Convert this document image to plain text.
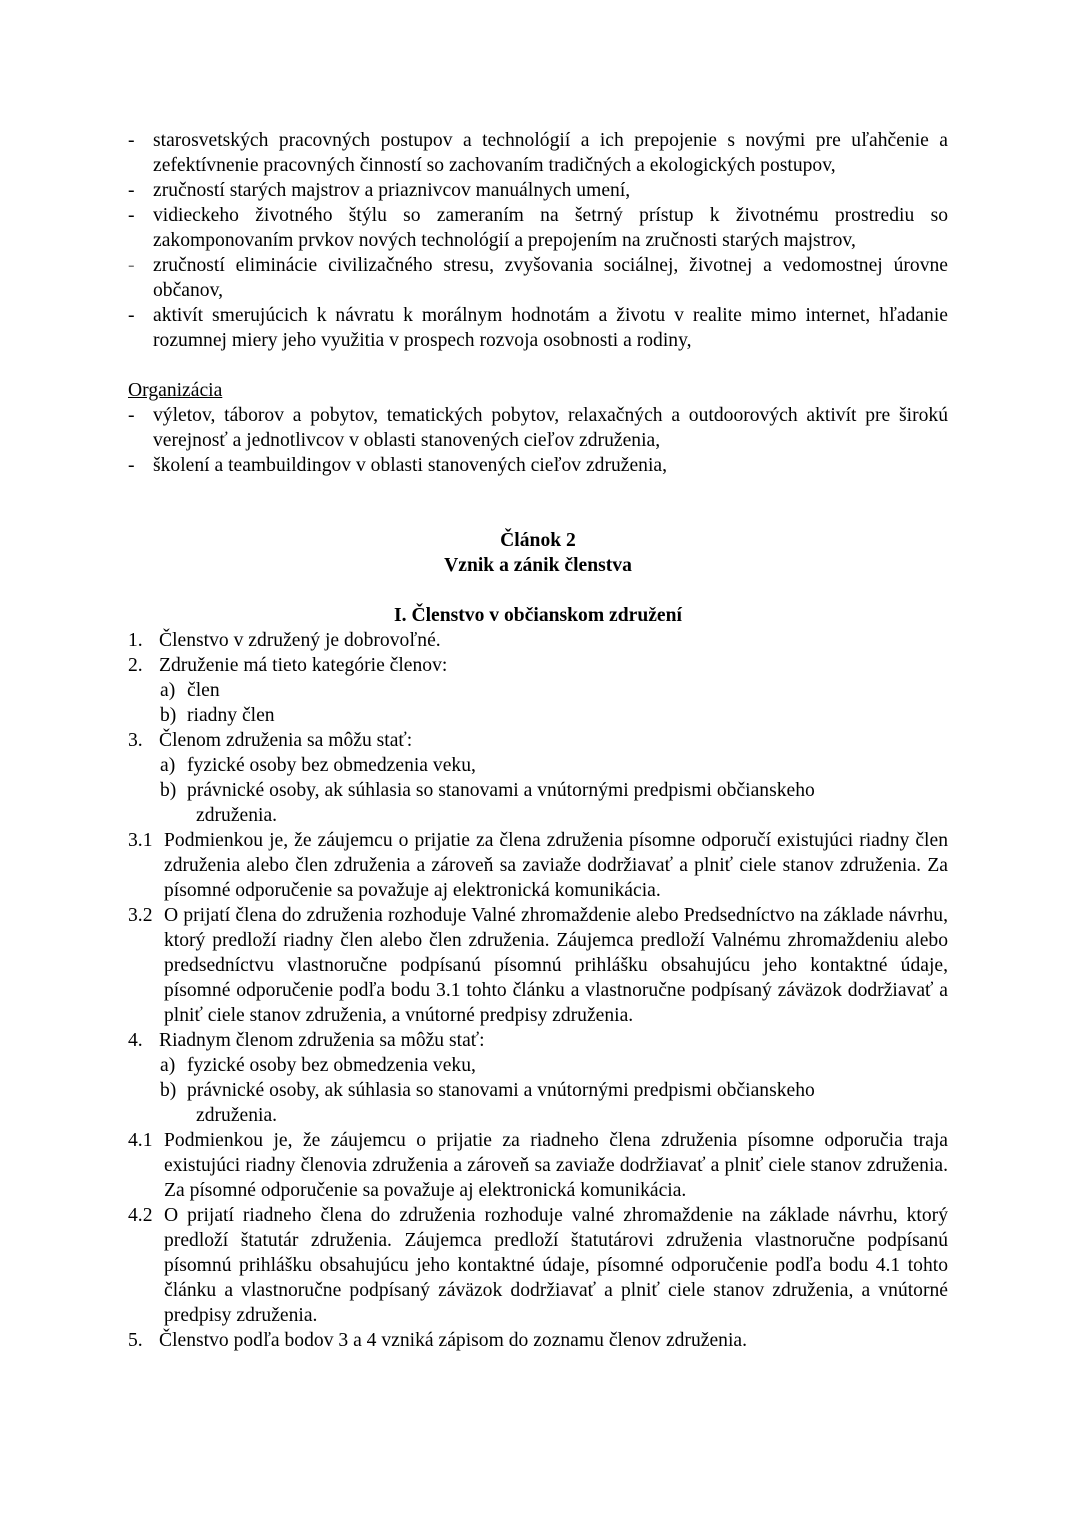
- starosvetských pracovných postupov a technológií a ich prepojenie s novými pre uľahčenie a zefektívnenie pracovných činností so zachovaním tradičných a ekologických postupov,
- zručností starých majstrov a priaznivcov manuálnych umení,
- vidieckeho životného štýlu so zameraním na šetrný prístup k životnému prostrediu so zakomponovaním prvkov nových technológií a prepojením na zručnosti starých majstrov,
- zručností eliminácie civilizačného stresu, zvyšovania sociálnej, životnej a vedomostnej úrovne občanov,
- aktivít smerujúcich k návratu k morálnym hodnotám a životu v realite mimo internet, hľadanie rozumnej miery jeho využitia v prospech rozvoja osobnosti a rodiny,
Organizácia
- výletov, táborov a pobytov, tematických pobytov, relaxačných a outdoorových aktivít pre širokú verejnosť a jednotlivcov v oblasti stanovených cieľov združenia,
- školení a teambuildingov v oblasti stanovených cieľov združenia,
Článok 2
Vznik a zánik členstva
I. Členstvo v občianskom združení
1. Členstvo v združený je dobrovoľné.
2. Združenie má tieto kategórie členov:
a) člen
b) riadny člen
3. Členom združenia sa môžu stať:
a) fyzické osoby bez obmedzenia veku,
b) právnické osoby, ak súhlasia so stanovami a vnútornými predpismi občianskeho
združenia.
3.1 Podmienkou je, že záujemcu o prijatie za člena združenia písomne odporučí existujúci riadny člen združenia alebo člen združenia a zároveň sa zaviaže dodržiavať a plniť ciele stanov združenia. Za písomné odporučenie sa považuje aj elektronická komunikácia.
3.2 O prijatí člena do združenia rozhoduje Valné zhromaždenie alebo Predsedníctvo na základe návrhu, ktorý predloží riadny člen alebo člen združenia. Záujemca predloží Valnému zhromaždeniu alebo predsedníctvu vlastnoručne podpísanú písomnú prihlášku obsahujúcu jeho kontaktné údaje, písomné odporučenie podľa bodu 3.1 tohto článku a vlastnoručne podpísaný záväzok dodržiavať a plniť ciele stanov združenia, a vnútorné predpisy združenia.
4. Riadnym členom združenia sa môžu stať:
a) fyzické osoby bez obmedzenia veku,
b) právnické osoby, ak súhlasia so stanovami a vnútornými predpismi občianskeho
združenia.
4.1 Podmienkou je, že záujemcu o prijatie za riadneho člena združenia písomne odporučia traja existujúci riadny členovia združenia a zároveň sa zaviaže dodržiavať a plniť ciele stanov združenia. Za písomné odporučenie sa považuje aj elektronická komunikácia.
4.2 O prijatí riadneho člena do združenia rozhoduje valné zhromaždenie na základe návrhu, ktorý predloží štatutár združenia. Záujemca predloží štatutárovi združenia vlastnoručne podpísanú písomnú prihlášku obsahujúcu jeho kontaktné údaje, písomné odporučenie podľa bodu 4.1 tohto článku a vlastnoručne podpísaný záväzok dodržiavať a plniť ciele stanov združenia, a vnútorné predpisy združenia.
5. Členstvo podľa bodov 3 a 4 vzniká zápisom do zoznamu členov združenia.
